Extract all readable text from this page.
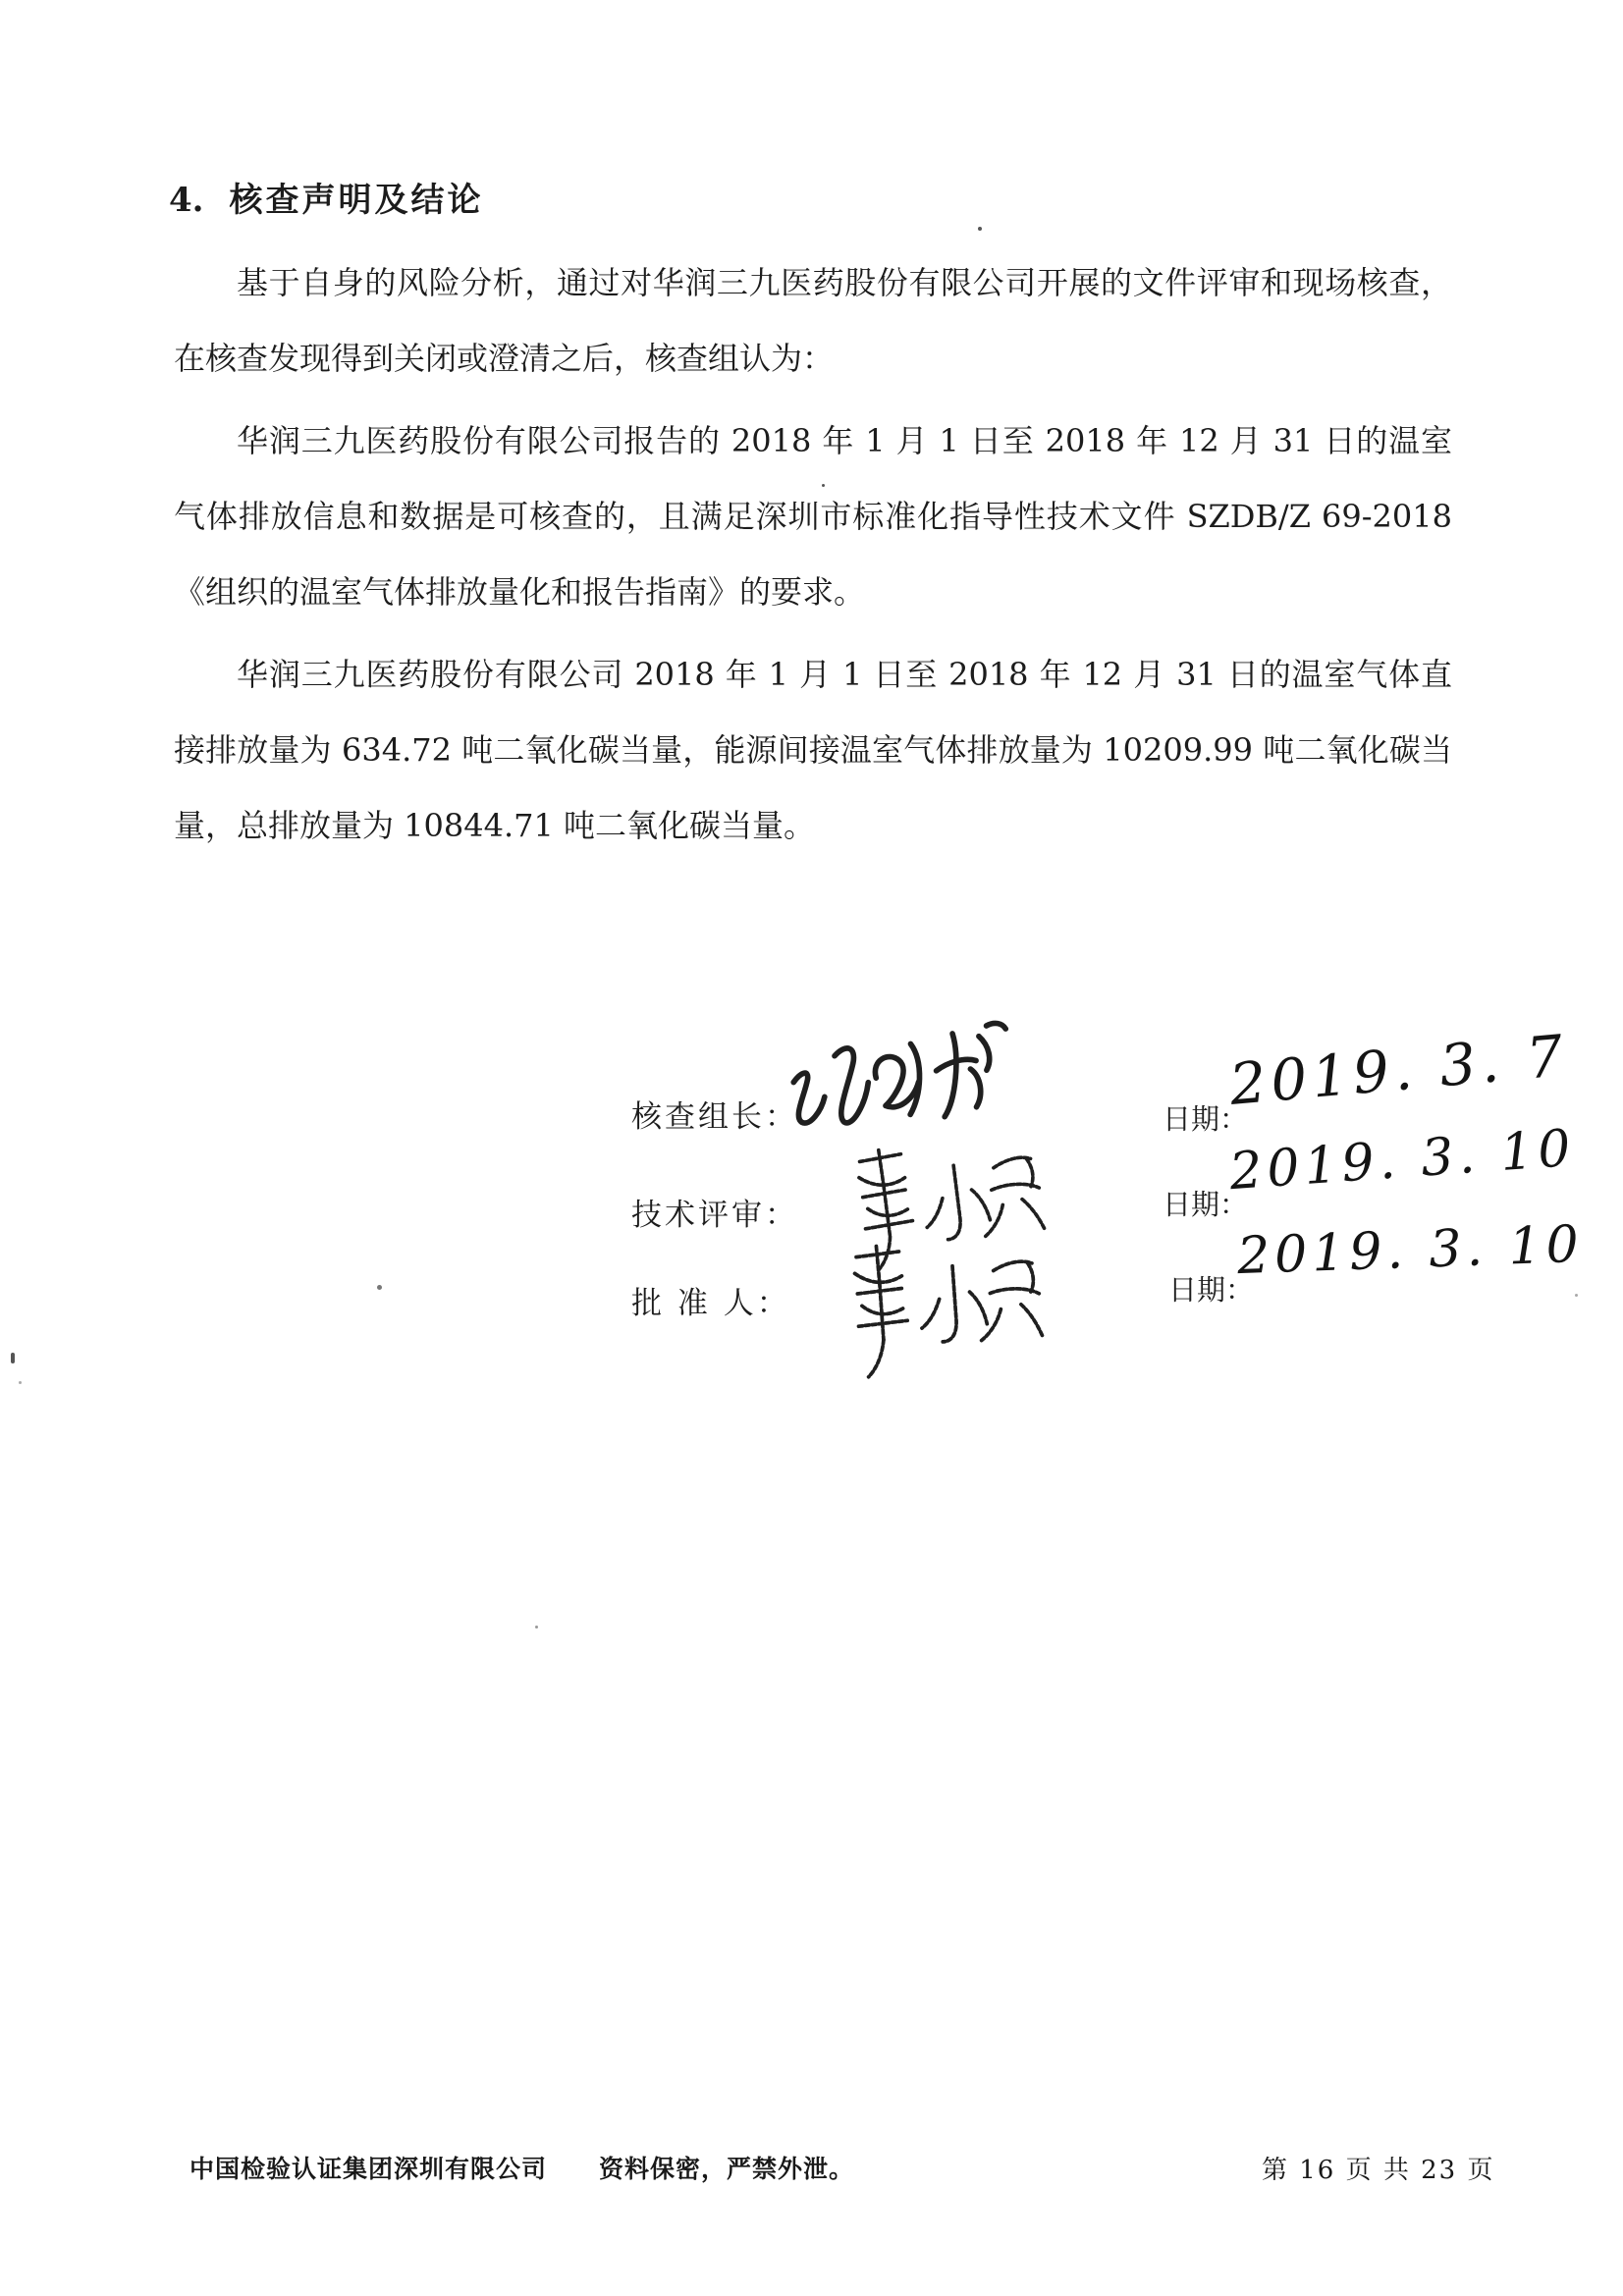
4. 核查声明及结论

基于自身的风险分析，通过对华润三九医药股份有限公司开展的文件评审和现场核查，在核查发现得到关闭或澄清之后，核查组认为：

华润三九医药股份有限公司报告的 2018 年 1 月 1 日至 2018 年 12 月 31 日的温室气体排放信息和数据是可核查的，且满足深圳市标准化指导性技术文件 SZDB/Z 69-2018《组织的温室气体排放量化和报告指南》的要求。

华润三九医药股份有限公司 2018 年 1 月 1 日至 2018 年 12 月 31 日的温室气体直接排放量为 634.72 吨二氧化碳当量，能源间接温室气体排放量为 10209.99 吨二氧化碳当量，总排放量为 10844.71 吨二氧化碳当量。

核查组长：	日期：
2019. 3. 7
技术评审：	日期：
2019. 3. 10
批 准 人：	日期：
2019. 3. 10
中国检验认证集团深圳有限公司 资料保密，严禁外泄。	第 16 页 共 23 页
